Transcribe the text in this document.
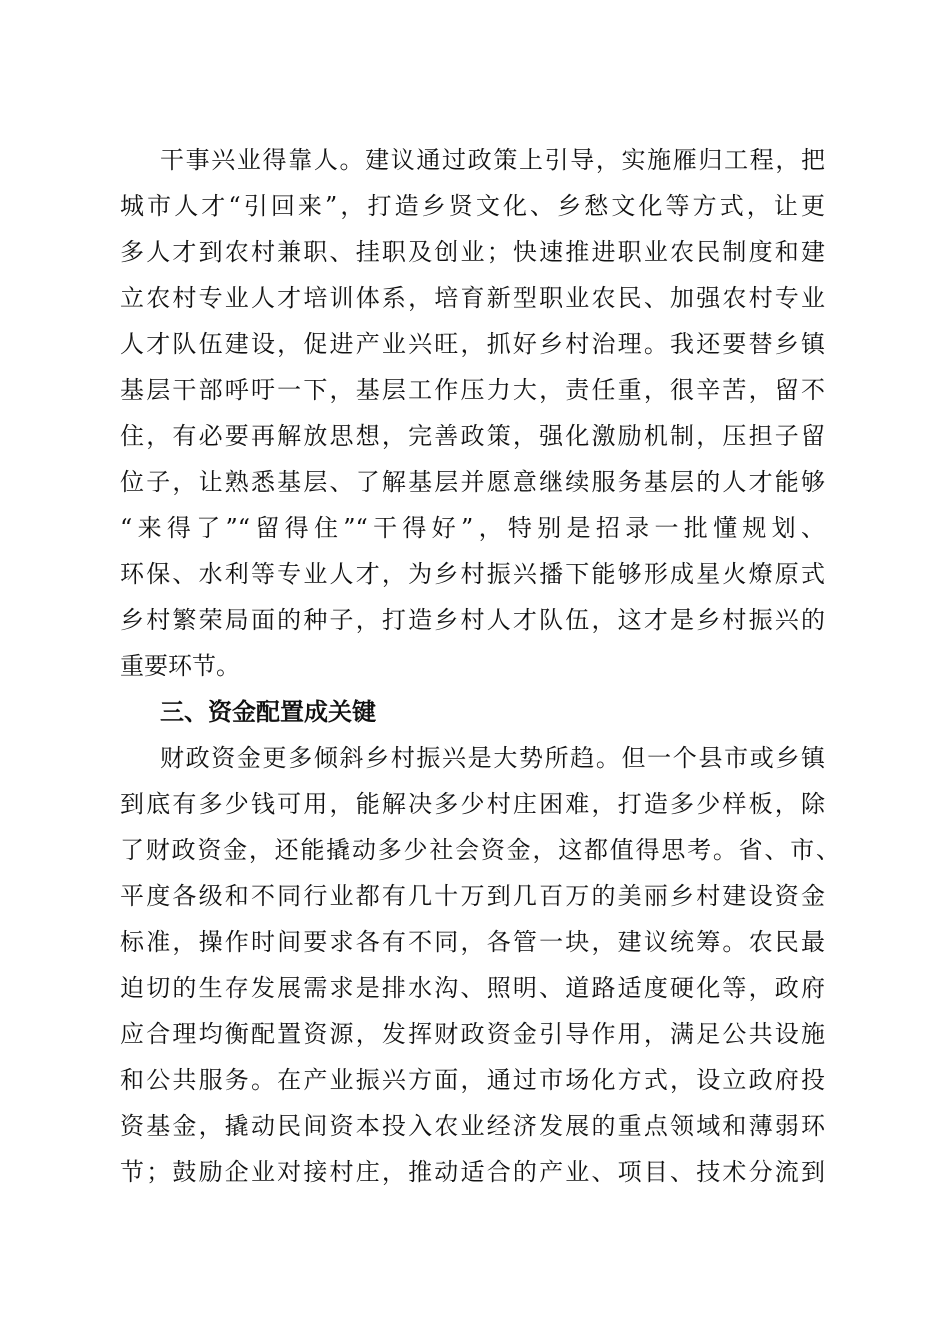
干事兴业得靠人。建议通过政策上引导，实施雁归工程，把
城市人才“引回来”，打造乡贤文化、乡愁文化等方式，让更
多人才到农村兼职、挂职及创业；快速推进职业农民制度和建
立农村专业人才培训体系，培育新型职业农民、加强农村专业
人才队伍建设，促进产业兴旺，抓好乡村治理。我还要替乡镇
基层干部呼吁一下，基层工作压力大，责任重，很辛苦，留不
住，有必要再解放思想，完善政策，强化激励机制，压担子留
位子，让熟悉基层、了解基层并愿意继续服务基层的人才能够
“来得了”“留得住”“干得好”，特别是招录一批懂规划、
环保、水利等专业人才，为乡村振兴播下能够形成星火燎原式
乡村繁荣局面的种子，打造乡村人才队伍，这才是乡村振兴的
重要环节。
三、资金配置成关键
财政资金更多倾斜乡村振兴是大势所趋。但一个县市或乡镇
到底有多少钱可用，能解决多少村庄困难，打造多少样板，除
了财政资金，还能撬动多少社会资金，这都值得思考。省、市、
平度各级和不同行业都有几十万到几百万的美丽乡村建设资金
标准，操作时间要求各有不同，各管一块，建议统筹。农民最
迫切的生存发展需求是排水沟、照明、道路适度硬化等，政府
应合理均衡配置资源，发挥财政资金引导作用，满足公共设施
和公共服务。在产业振兴方面，通过市场化方式，设立政府投
资基金，撬动民间资本投入农业经济发展的重点领域和薄弱环
节；鼓励企业对接村庄，推动适合的产业、项目、技术分流到
